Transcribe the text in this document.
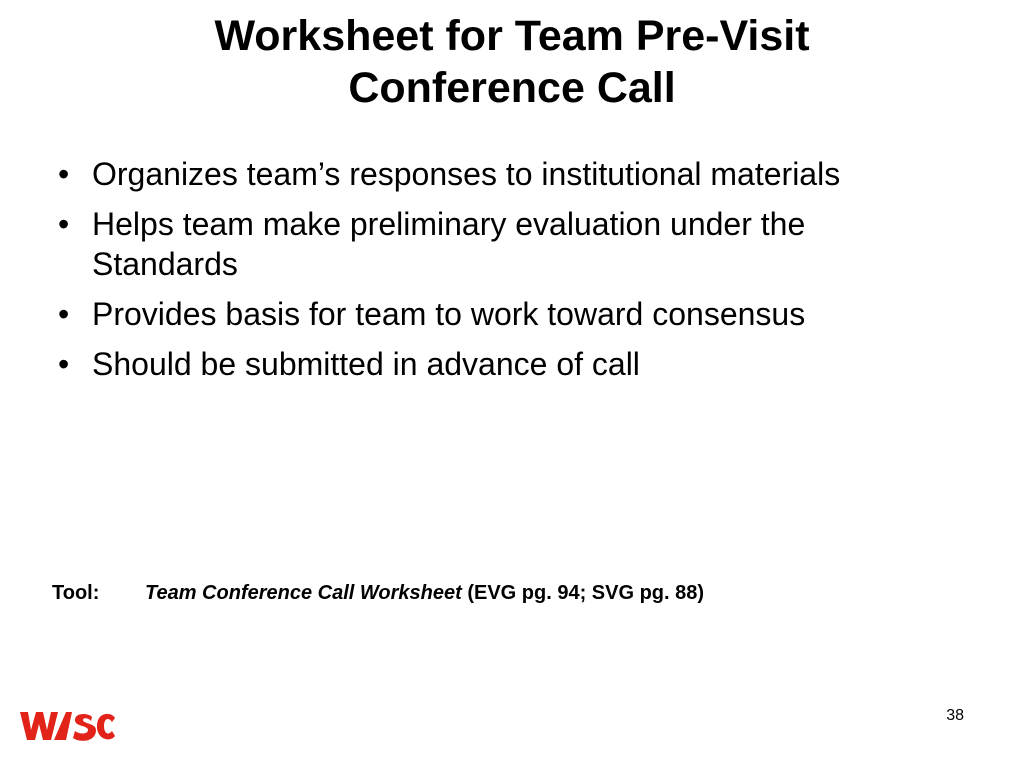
Worksheet for Team Pre-Visit
Conference Call
• Organizes team’s responses to institutional materials
• Helps team make preliminary evaluation under the Standards
• Provides basis for team to work toward consensus
• Should be submitted in advance of call
Tool: Team Conference Call Worksheet (EVG pg. 94; SVG pg. 88)
38
